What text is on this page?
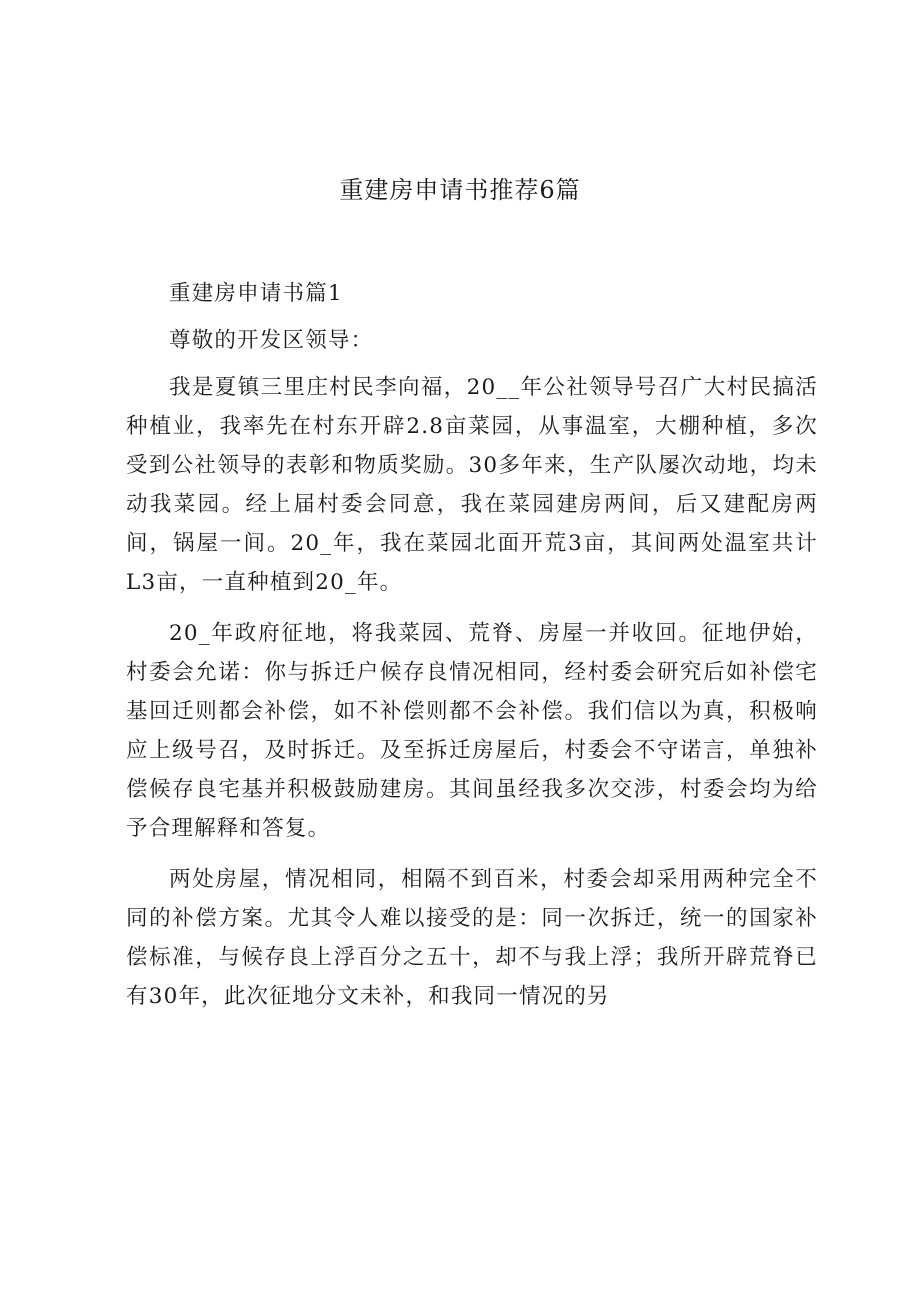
重建房申请书推荐6篇

重建房申请书篇1

尊敬的开发区领导：

我是夏镇三里庄村民李向福，20__年公社领导号召广大村民搞活种植业，我率先在村东开辟2.8亩菜园，从事温室，大棚种植，多次受到公社领导的表彰和物质奖励。30多年来，生产队屡次动地，均未动我菜园。经上届村委会同意，我在菜园建房两间，后又建配房两间，锅屋一间。20_年，我在菜园北面开荒3亩，其间两处温室共计L3亩，一直种植到20_年。

20_年政府征地，将我菜园、荒脊、房屋一并收回。征地伊始，村委会允诺：你与拆迁户候存良情况相同，经村委会研究后如补偿宅基回迁则都会补偿，如不补偿则都不会补偿。我们信以为真，积极响应上级号召，及时拆迁。及至拆迁房屋后，村委会不守诺言，单独补偿候存良宅基并积极鼓励建房。其间虽经我多次交涉，村委会均为给予合理解释和答复。

两处房屋，情况相同，相隔不到百米，村委会却采用两种完全不同的补偿方案。尤其令人难以接受的是：同一次拆迁，统一的国家补偿标准，与候存良上浮百分之五十，却不与我上浮；我所开辟荒脊已有30年，此次征地分文未补，和我同一情况的另
